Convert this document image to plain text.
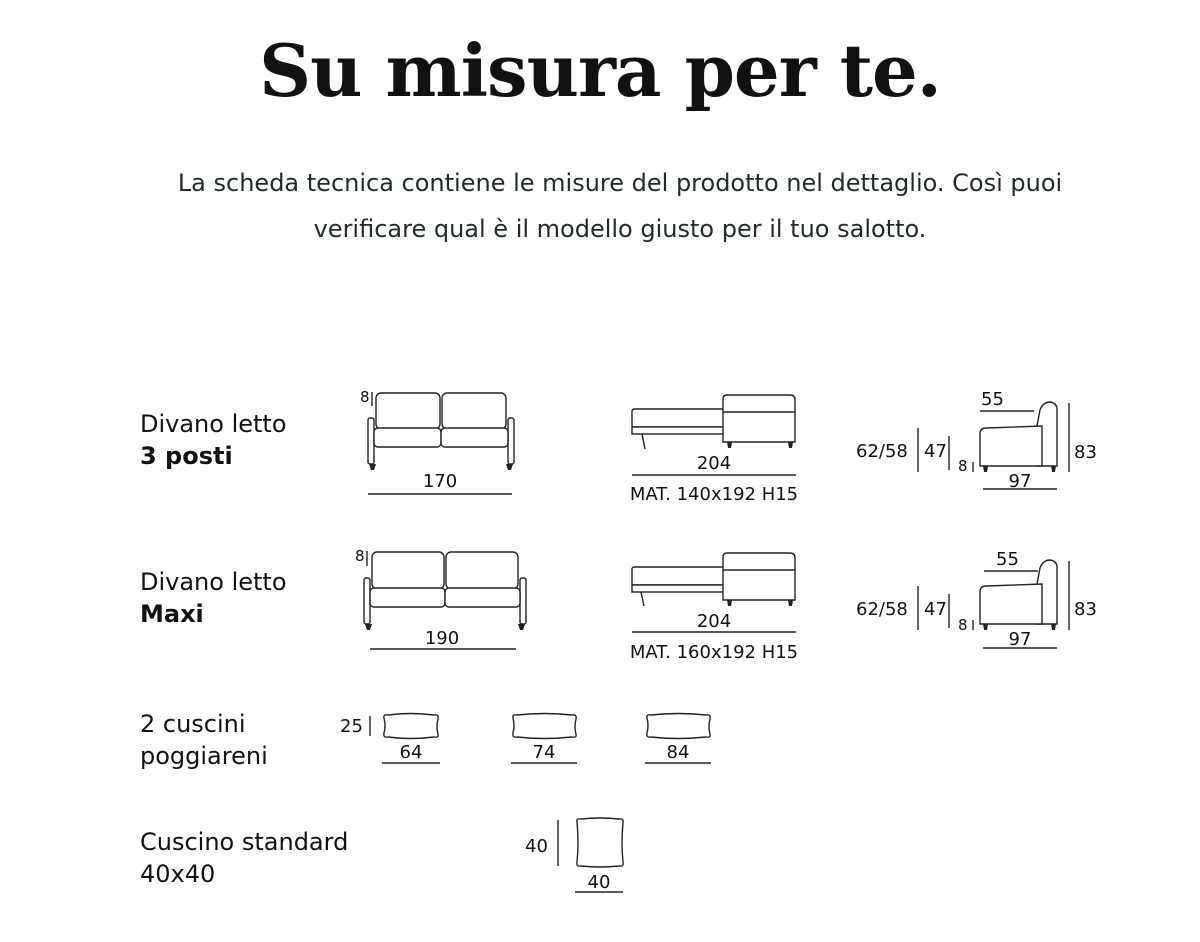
Su misura per te.

La scheda tecnica contiene le misure del prodotto nel dettaglio. Così puoi
verificare qual è il modello giusto per il tuo salotto.

Divano letto
3 posti
Divano letto
Maxi
2 cuscini
poggiareni
Cuscino standard
40x40
8
170
204
MAT. 140x192 H15
55
62/58 47
8
83
97
8
190
204
MAT. 160x192 H15
55
62/58 47
8
83
97
25
64	74	84
40
40
